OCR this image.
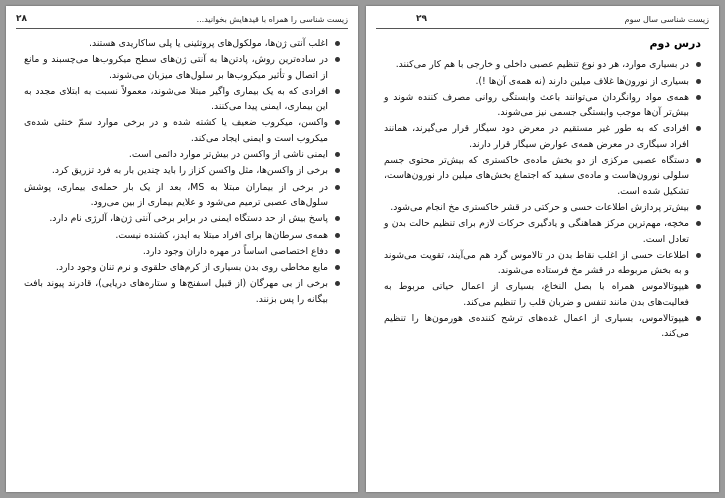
زیست شناسی را همراه با قیدهایش بخوانید...
۲۸
اغلب آنتی ژن‌ها، مولکول‌های پروتئینی یا پلی ساکاریدی هستند.
در ساده‌ترین روش، پادتن‌ها به آنتی ژن‌های سطح میکروب‌ها می‌چسبند و مانع از اتصال و تأثیر میکروب‌ها بر سلول‌های میزبان می‌شوند.
افرادی که به یک بیماری واگیر مبتلا می‌شوند، معمولاً نسبت به ابتلای مجدد به این بیماری، ایمنی پیدا می‌کنند.
واکسن، میکروب ضعیف یا کشته شده و در برخی موارد سمّ خنثی شده‌ی میکروب است و ایمنی ایجاد می‌کند.
ایمنی ناشی از واکسن در بیش‌تر موارد دائمی است.
برخی از واکسن‌ها، مثل واکسن کزاز را باید چندین بار به فرد تزریق کرد.
در برخی از بیماران مبتلا به MS، بعد از یک بار حمله‌ی بیماری، پوشش سلول‌های عصبی ترمیم می‌شود و علایم بیماری از بین می‌رود.
پاسخ بیش از حد دستگاه ایمنی در برابر برخی آنتی ژن‌ها، آلرژی نام دارد.
همه‌ی سرطان‌ها برای افراد مبتلا به ایدز، کشنده نیست.
دفاع اختصاصی اساساً در مهره داران وجود دارد.
مایع مخاطی روی بدن بسیاری از کرم‌های حلقوی و نرم تنان وجود دارد.
برخی از بی مهرگان (از قبیل اسفنج‌ها و ستاره‌های دریایی)، قادرند پیوند بافت بیگانه را پس بزنند.
زیست شناسی سال سوم
۲۹
درس دوم
در بسیاری موارد، هر دو نوع تنظیم عصبی داخلی و خارجی با هم کار می‌کنند.
بسیاری از نورون‌ها غلاف میلین دارند (نه همه‌ی آن‌ها !).
همه‌ی مواد روانگردان می‌توانند باعث وابستگی روانی مصرف کننده شوند و بیش‌تر آن‌ها موجب وابستگی جسمی نیز می‌شوند.
افرادی که به طور غیر مستقیم در معرض دود سیگار قرار می‌گیرند، همانند افراد سیگاری در معرض همه‌ی عوارض سیگار قرار دارند.
دستگاه عصبی مرکزی از دو بخش ماده‌ی خاکستری که بیش‌تر محتوی جسم سلولی نورون‌هاست و ماده‌ی سفید که اجتماع بخش‌های میلین دار نورون‌هاست، تشکیل شده است.
بیش‌تر پردازش اطلاعات حسی و حرکتی در قشر خاکستری مخ انجام می‌شود.
مخچه، مهم‌ترین مرکز هماهنگی و یادگیری حرکات لازم برای تنظیم حالت بدن و تعادل است.
اطلاعات حسی از اغلب نقاط بدن در تالاموس گرد هم می‌آیند، تقویت می‌شوند و به بخش مربوطه در قشر مخ فرستاده می‌شوند.
هیپوتالاموس همراه با بصل النخاع، بسیاری از اعمال حیاتی مربوط به فعالیت‌های بدن مانند تنفس و ضربان قلب را تنظیم می‌کند.
هیپوتالاموس، بسیاری از اعمال غده‌های ترشح کننده‌ی هورمون‌ها را تنظیم می‌کند.
